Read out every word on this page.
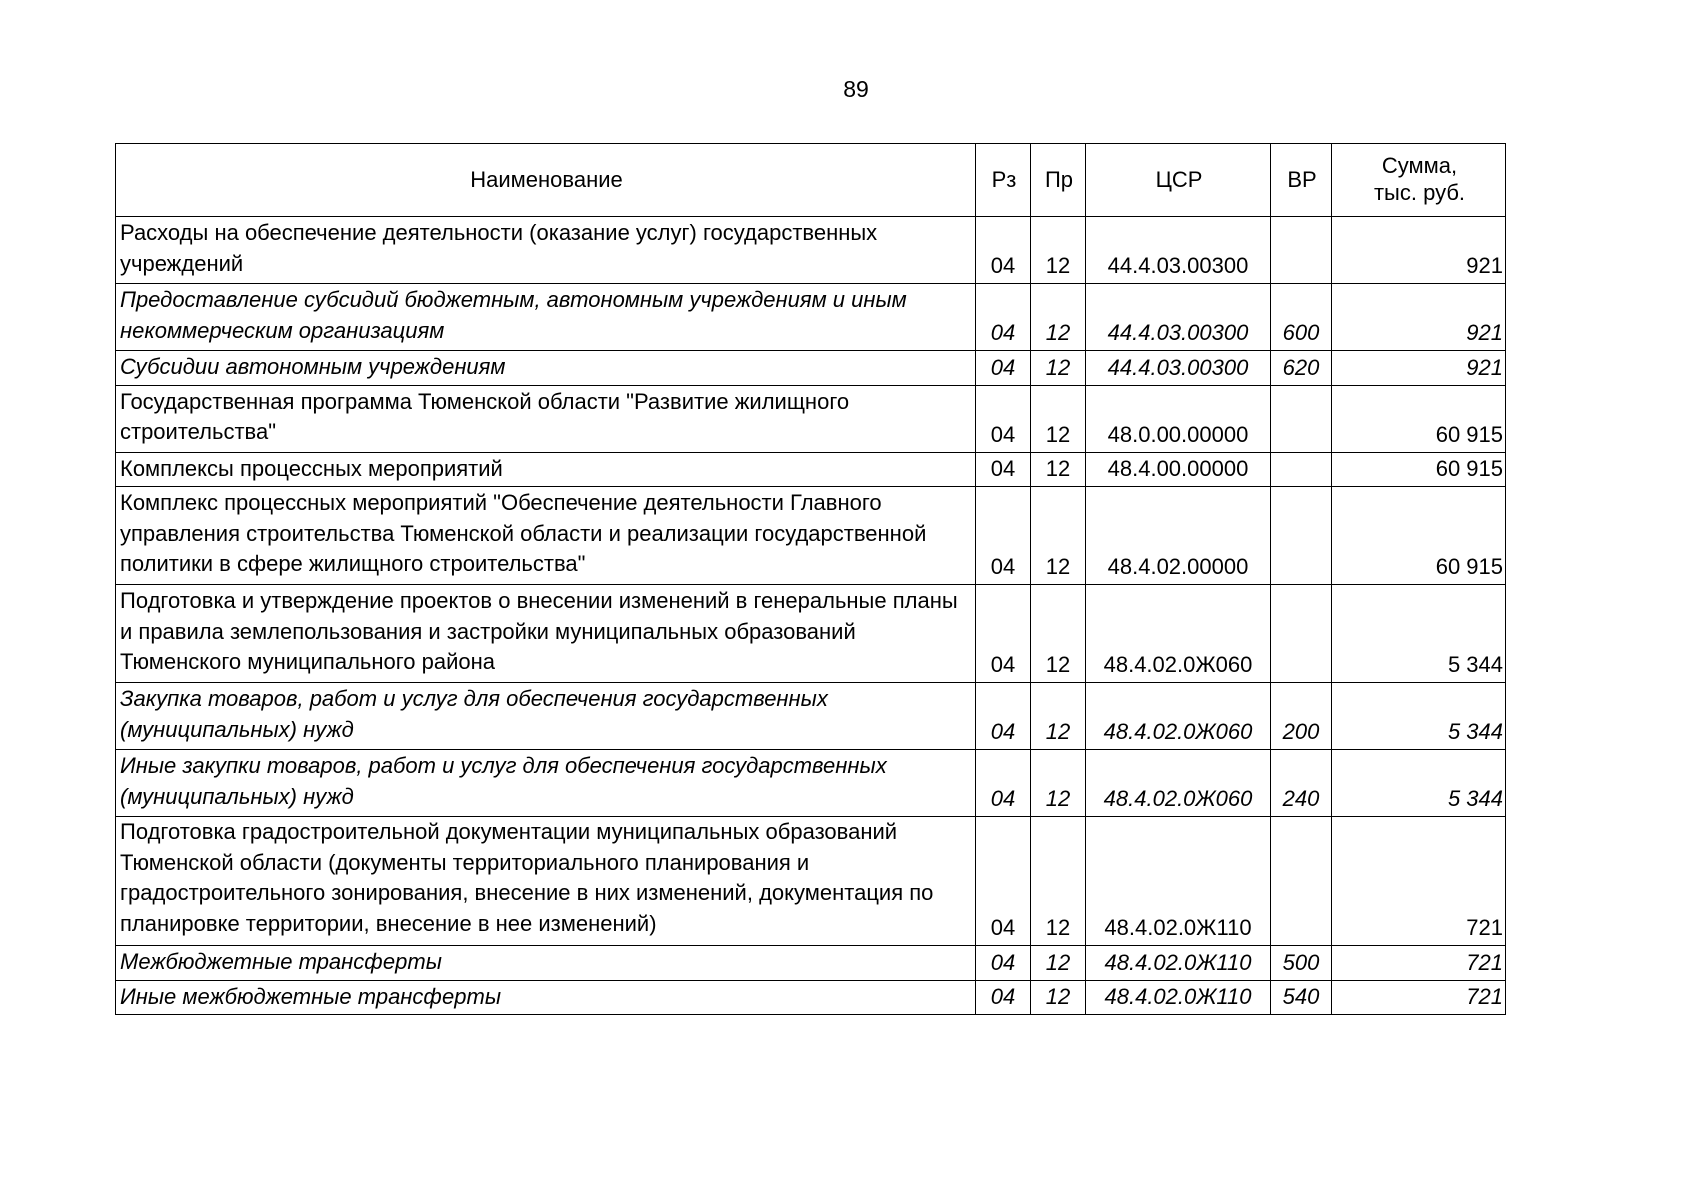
89
Наименование	Рз	Пр	ЦСР	ВР	Сумма,
тыс. руб.
Расходы на обеспечение деятельности (оказание услуг) государственных учреждений	04	12	44.4.03.00300		921
Предоставление субсидий бюджетным, автономным учреждениям и иным некоммерческим организациям	04	12	44.4.03.00300	600	921
Субсидии автономным учреждениям	04	12	44.4.03.00300	620	921
Государственная программа Тюменской области "Развитие жилищного строительства"	04	12	48.0.00.00000		60 915
Комплексы процессных мероприятий	04	12	48.4.00.00000		60 915
Комплекс процессных мероприятий "Обеспечение деятельности Главного управления строительства Тюменской области и реализации государственной политики в сфере жилищного строительства"	04	12	48.4.02.00000		60 915
Подготовка и утверждение проектов о внесении изменений в генеральные планы и правила землепользования и застройки муниципальных образований Тюменского муниципального района	04	12	48.4.02.0Ж060		5 344
Закупка товаров, работ и услуг для обеспечения государственных (муниципальных) нужд	04	12	48.4.02.0Ж060	200	5 344
Иные закупки товаров, работ и услуг для обеспечения государственных (муниципальных) нужд	04	12	48.4.02.0Ж060	240	5 344

Подготовка градостроительной документации муниципальных образований Тюменской области (документы территориального планирования и градостроительного зонирования, внесение в них изменений, документация по планировке территории, внесение в нее изменений)	04	12	48.4.02.0Ж110		721
Межбюджетные трансферты	04	12	48.4.02.0Ж110	500	721
Иные межбюджетные трансферты	04	12	48.4.02.0Ж110	540	721
